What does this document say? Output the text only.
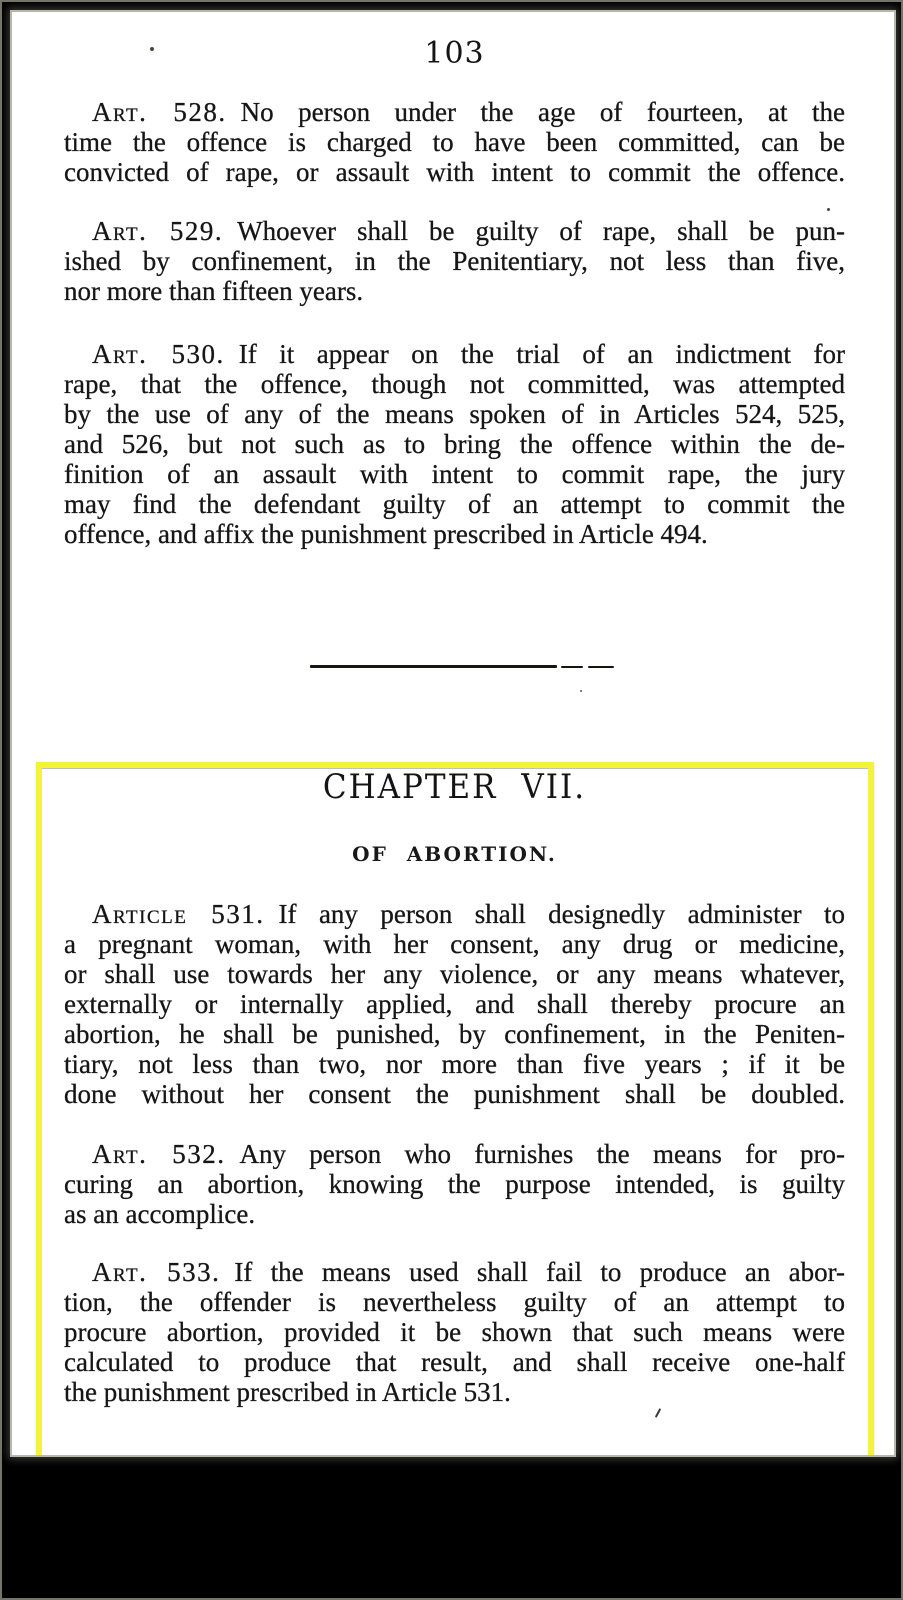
103
Art. 528. No person under the age of fourteen, at the
time the offence is charged to have been committed, can be
convicted of rape, or assault with intent to commit the offence.
Art. 529. Whoever shall be guilty of rape, shall be pun-
ished by confinement, in the Penitentiary, not less than five,
nor more than fifteen years.
Art. 530. If it appear on the trial of an indictment for
rape, that the offence, though not committed, was attempted
by the use of any of the means spoken of in Articles 524, 525,
and 526, but not such as to bring the offence within the de-
finition of an assault with intent to commit rape, the jury
may find the defendant guilty of an attempt to commit the
offence, and affix the punishment prescribed in Article 494.
Article 531. If any person shall designedly administer to
a pregnant woman, with her consent, any drug or medicine,
or shall use towards her any violence, or any means whatever,
externally or internally applied, and shall thereby procure an
abortion, he shall be punished, by confinement, in the Peniten-
tiary, not less than two, nor more than five years ; if it be
done without her consent the punishment shall be doubled.
Art. 532. Any person who furnishes the means for pro-
curing an abortion, knowing the purpose intended, is guilty
as an accomplice.
Art. 533. If the means used shall fail to produce an abor-
tion, the offender is nevertheless guilty of an attempt to
procure abortion, provided it be shown that such means were
calculated to produce that result, and shall receive one-half
the punishment prescribed in Article 531.
CHAPTER VII.
OF ABORTION.
